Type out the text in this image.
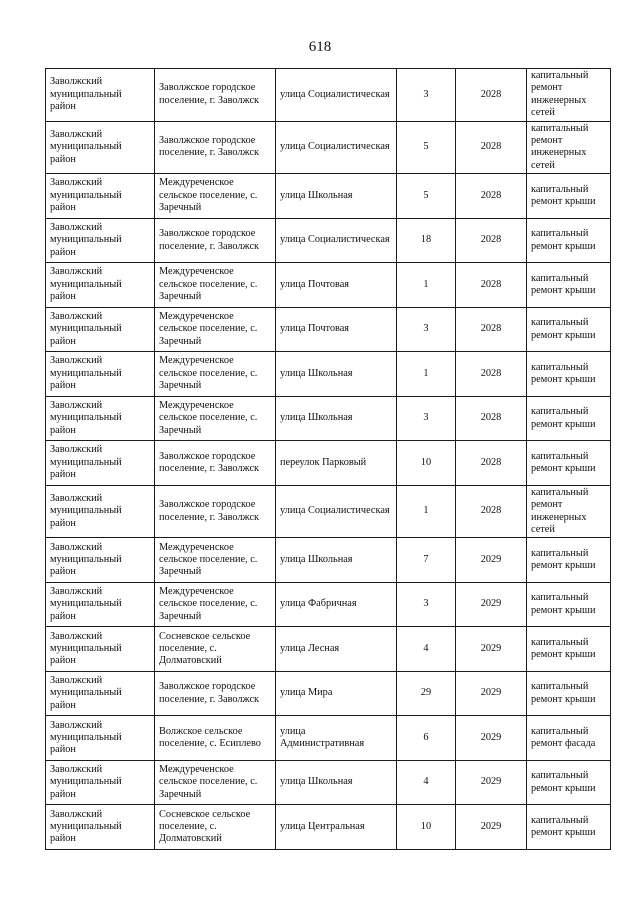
618
Заволжский муниципальный район	Заволжское городское поселение, г. Заволжск	улица Социалистическая	3	2028	капитальный ремонт инженерных сетей
Заволжский муниципальный район	Заволжское городское поселение, г. Заволжск	улица Социалистическая	5	2028	капитальный ремонт инженерных сетей
Заволжский муниципальный район	Междуреченское сельское поселение, с. Заречный	улица Школьная	5	2028	капитальный ремонт крыши
Заволжский муниципальный район	Заволжское городское поселение, г. Заволжск	улица Социалистическая	18	2028	капитальный ремонт крыши
Заволжский муниципальный район	Междуреченское сельское поселение, с. Заречный	улица Почтовая	1	2028	капитальный ремонт крыши
Заволжский муниципальный район	Междуреченское сельское поселение, с. Заречный	улица Почтовая	3	2028	капитальный ремонт крыши
Заволжский муниципальный район	Междуреченское сельское поселение, с. Заречный	улица Школьная	1	2028	капитальный ремонт крыши
Заволжский муниципальный район	Междуреченское сельское поселение, с. Заречный	улица Школьная	3	2028	капитальный ремонт крыши
Заволжский муниципальный район	Заволжское городское поселение, г. Заволжск	переулок Парковый	10	2028	капитальный ремонт крыши
Заволжский муниципальный район	Заволжское городское поселение, г. Заволжск	улица Социалистическая	1	2028	капитальный ремонт инженерных сетей
Заволжский муниципальный район	Междуреченское сельское поселение, с. Заречный	улица Школьная	7	2029	капитальный ремонт крыши
Заволжский муниципальный район	Междуреченское сельское поселение, с. Заречный	улица Фабричная	3	2029	капитальный ремонт крыши
Заволжский муниципальный район	Сосневское сельское поселение, с. Долматовский	улица Лесная	4	2029	капитальный ремонт крыши
Заволжский муниципальный район	Заволжское городское поселение, г. Заволжск	улица Мира	29	2029	капитальный ремонт крыши
Заволжский муниципальный район	Волжское сельское поселение, с. Есиплево	улица Административная	6	2029	капитальный ремонт фасада
Заволжский муниципальный район	Междуреченское сельское поселение, с. Заречный	улица Школьная	4	2029	капитальный ремонт крыши
Заволжский муниципальный район	Сосневское сельское поселение, с. Долматовский	улица Центральная	10	2029	капитальный ремонт крыши
